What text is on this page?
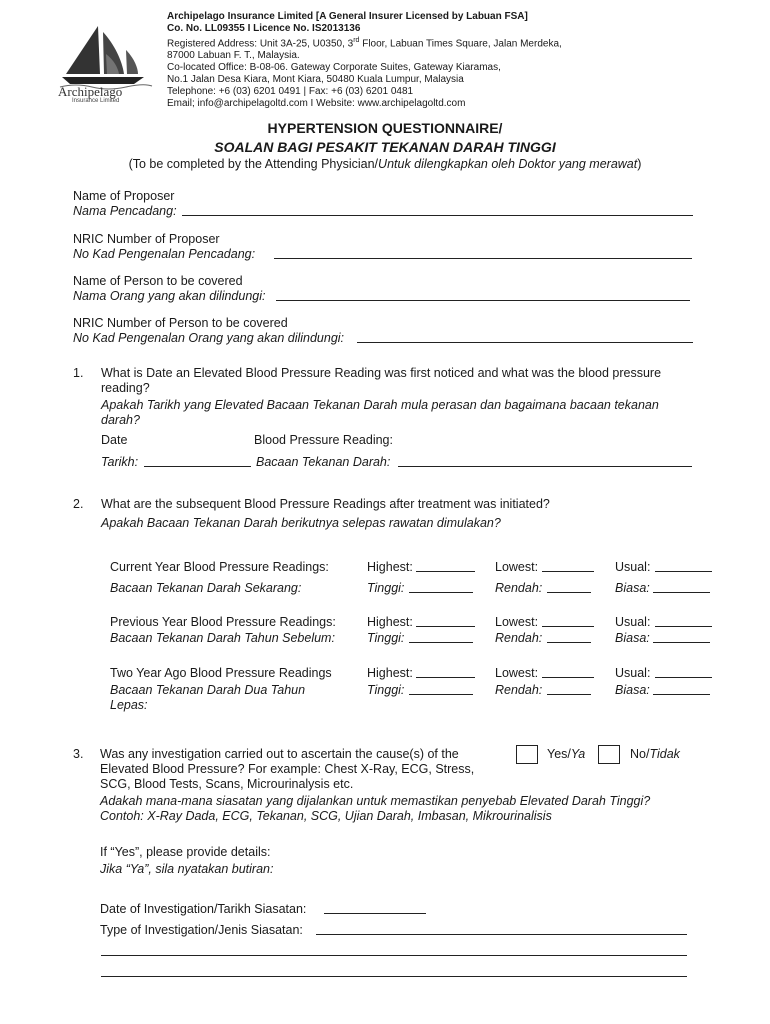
Archipelago
Insurance Limited
Archipelago Insurance Limited [A General Insurer Licensed by Labuan FSA]
Co. No. LL09355 I Licence No. IS2013136
Registered Address: Unit 3A-25, U0350, 3rd Floor, Labuan Times Square, Jalan Merdeka,
87000 Labuan F. T., Malaysia.
Co-located Office: B-08-06. Gateway Corporate Suites, Gateway Kiaramas,
No.1 Jalan Desa Kiara, Mont Kiara, 50480 Kuala Lumpur, Malaysia
Telephone: +6 (03) 6201 0491 | Fax: +6 (03) 6201 0481
Email; info@archipelagoltd.com I Website: www.archipelagoltd.com
HYPERTENSION QUESTIONNAIRE/
SOALAN BAGI PESAKIT TEKANAN DARAH TINGGI
(To be completed by the Attending Physician/Untuk dilengkapkan oleh Doktor yang merawat)
Name of Proposer
Nama Pencadang:
NRIC Number of Proposer
No Kad Pengenalan Pencadang:
Name of Person to be covered
Nama Orang yang akan dilindungi:
NRIC Number of Person to be covered
No Kad Pengenalan Orang yang akan dilindungi:
1. What is Date an Elevated Blood Pressure Reading was first noticed and what was the blood pressure
reading?
Apakah Tarikh yang Elevated Bacaan Tekanan Darah mula perasan dan bagaimana bacaan tekanan
darah?
Date	Blood Pressure Reading:
Tarikh:	Bacaan Tekanan Darah:
2. What are the subsequent Blood Pressure Readings after treatment was initiated?
Apakah Bacaan Tekanan Darah berikutnya selepas rawatan dimulakan?
Current Year Blood Pressure Readings:
Bacaan Tekanan Darah Sekarang:
Highest:	Lowest:	Usual:
Tinggi:	Rendah:	Biasa:
Previous Year Blood Pressure Readings:
Bacaan Tekanan Darah Tahun Sebelum:
Highest:	Lowest:	Usual:
Tinggi:	Rendah:	Biasa:
Two Year Ago Blood Pressure Readings
Bacaan Tekanan Darah Dua Tahun
Lepas:
Highest:	Lowest:	Usual:
Tinggi:	Rendah:	Biasa:
3. Was any investigation carried out to ascertain the cause(s) of the
Elevated Blood Pressure? For example: Chest X-Ray, ECG, Stress,
SCG, Blood Tests, Scans, Microurinalysis etc.
Yes/Ya	No/Tidak
Adakah mana-mana siasatan yang dijalankan untuk memastikan penyebab Elevated Darah Tinggi?
Contoh: X-Ray Dada, ECG, Tekanan, SCG, Ujian Darah, Imbasan, Mikrourinalisis
If “Yes”, please provide details:
Jika “Ya”, sila nyatakan butiran:
Date of Investigation/Tarikh Siasatan:
Type of Investigation/Jenis Siasatan:
